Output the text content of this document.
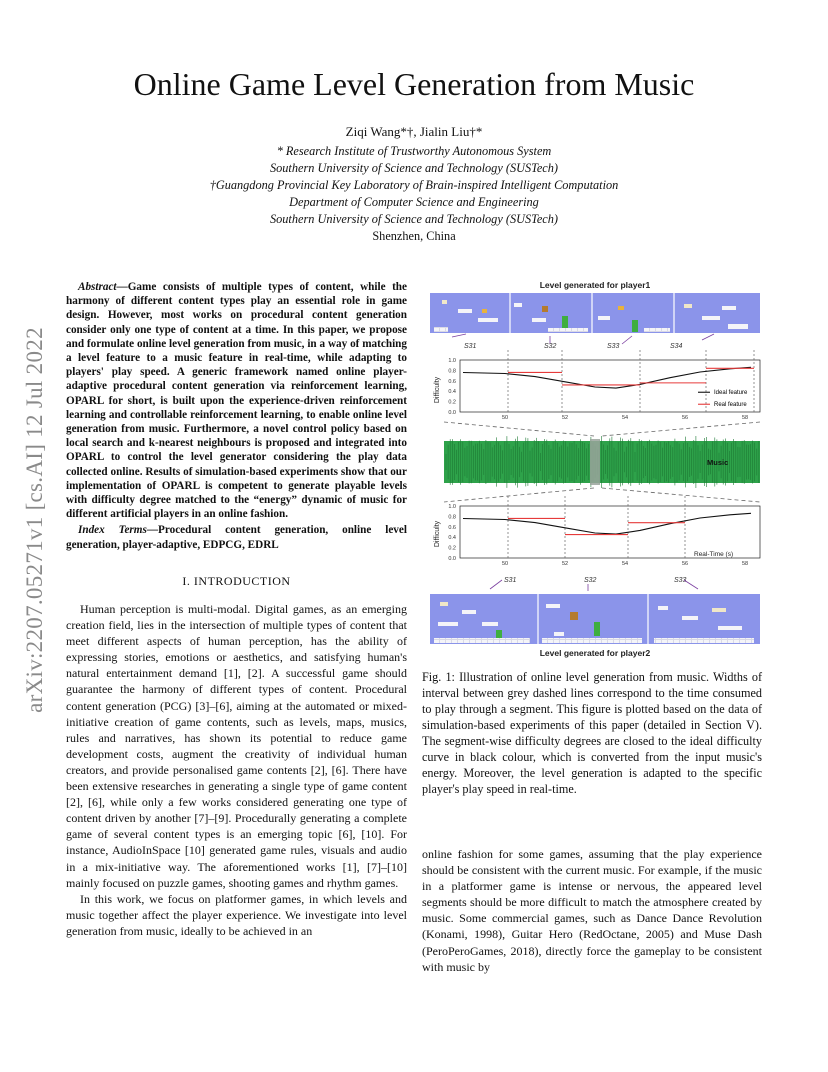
arXiv:2207.05271v1 [cs.AI] 12 Jul 2022
Online Game Level Generation from Music
Ziqi Wang*†, Jialin Liu†*
* Research Institute of Trustworthy Autonomous System
Southern University of Science and Technology (SUSTech)
†Guangdong Provincial Key Laboratory of Brain-inspired Intelligent Computation
Department of Computer Science and Engineering
Southern University of Science and Technology (SUSTech)
Shenzhen, China

Abstract—Game consists of multiple types of content, while the harmony of different content types play an essential role in game design. However, most works on procedural content generation consider only one type of content at a time. In this paper, we propose and formulate online level generation from music, in a way of matching a level feature to a music feature in real-time, while adapting to players' play speed. A generic framework named online player-adaptive procedural content generation via reinforcement learning, OPARL for short, is built upon the experience-driven reinforcement learning and controllable reinforcement learning, to enable online level generation from music. Furthermore, a novel control policy based on local search and k-nearest neighbours is proposed and integrated into OPARL to control the level generator considering the play data collected online. Results of simulation-based experiments show that our implementation of OPARL is competent to generate playable levels with difficulty degree matched to the “energy” dynamic of music for different artificial players in an online fashion.

Index Terms—Procedural content generation, online level generation, player-adaptive, EDPCG, EDRL

I. INTRODUCTION

Human perception is multi-modal. Digital games, as an emerging creation field, lies in the intersection of multiple types of content that meet different aspects of human perception, has the ability of expressing stories, emotions or aesthetics, and satisfying human's natural entertainment demand [1], [2]. A successful game should guarantee the harmony of different types of content. Procedural content generation (PCG) [3]–[6], aiming at the automated or mixed-initiative creation of game contents, such as levels, maps, musics, rules and narratives, has shown its potential to reduce game development costs, augment the creativity of individual human creators, and provide personalised game contents [2], [6]. There have been extensive researches in generating a single type of game content [2], [6], while only a few works considered generating one type of content driven by another [7]–[9]. Procedurally generating a complete game of several content types is an emerging topic [6], [10]. For instance, AudioInSpace [10] generated game rules, visuals and audio in a mix-initiative way. The aforementioned works [1], [7]–[10] mainly focused on puzzle games, shooting games and rhythm games.

In this work, we focus on platformer games, in which levels and music together affect the player experience. We investigate into level generation from music, ideally to be achieved in an

Level generated for player1
S31	S32	S33	S34
Difficulty
0.0
0.2
0.4
0.6
0.8
1.0
50	52	54	56	58
Ideal feature
Real feature
Music
Difficulty
Real-Time (s)
0.0
0.2
0.4
0.6
0.8
1.0
50	52	54	56	58
S31	S32	S33
Level generated for player2
Fig. 1: Illustration of online level generation from music. Widths of interval between grey dashed lines correspond to the time consumed to play through a segment. This figure is plotted based on the data of simulation-based experiments of this paper (detailed in Section V). The segment-wise difficulty degrees are closed to the ideal difficulty curve in black colour, which is converted from the input music's energy. Moreover, the level generation is adapted to the specific player's play speed in real-time.

online fashion for some games, assuming that the play experience should be consistent with the current music. For example, if the music in a platformer game is intense or nervous, the appeared level segments should be more difficult to match the atmosphere created by music. Some commercial games, such as Dance Dance Revolution (Konami, 1998), Guitar Hero (RedOctane, 2005) and Muse Dash (PeroPeroGames, 2018), directly force the gameplay to be consistent with music by
